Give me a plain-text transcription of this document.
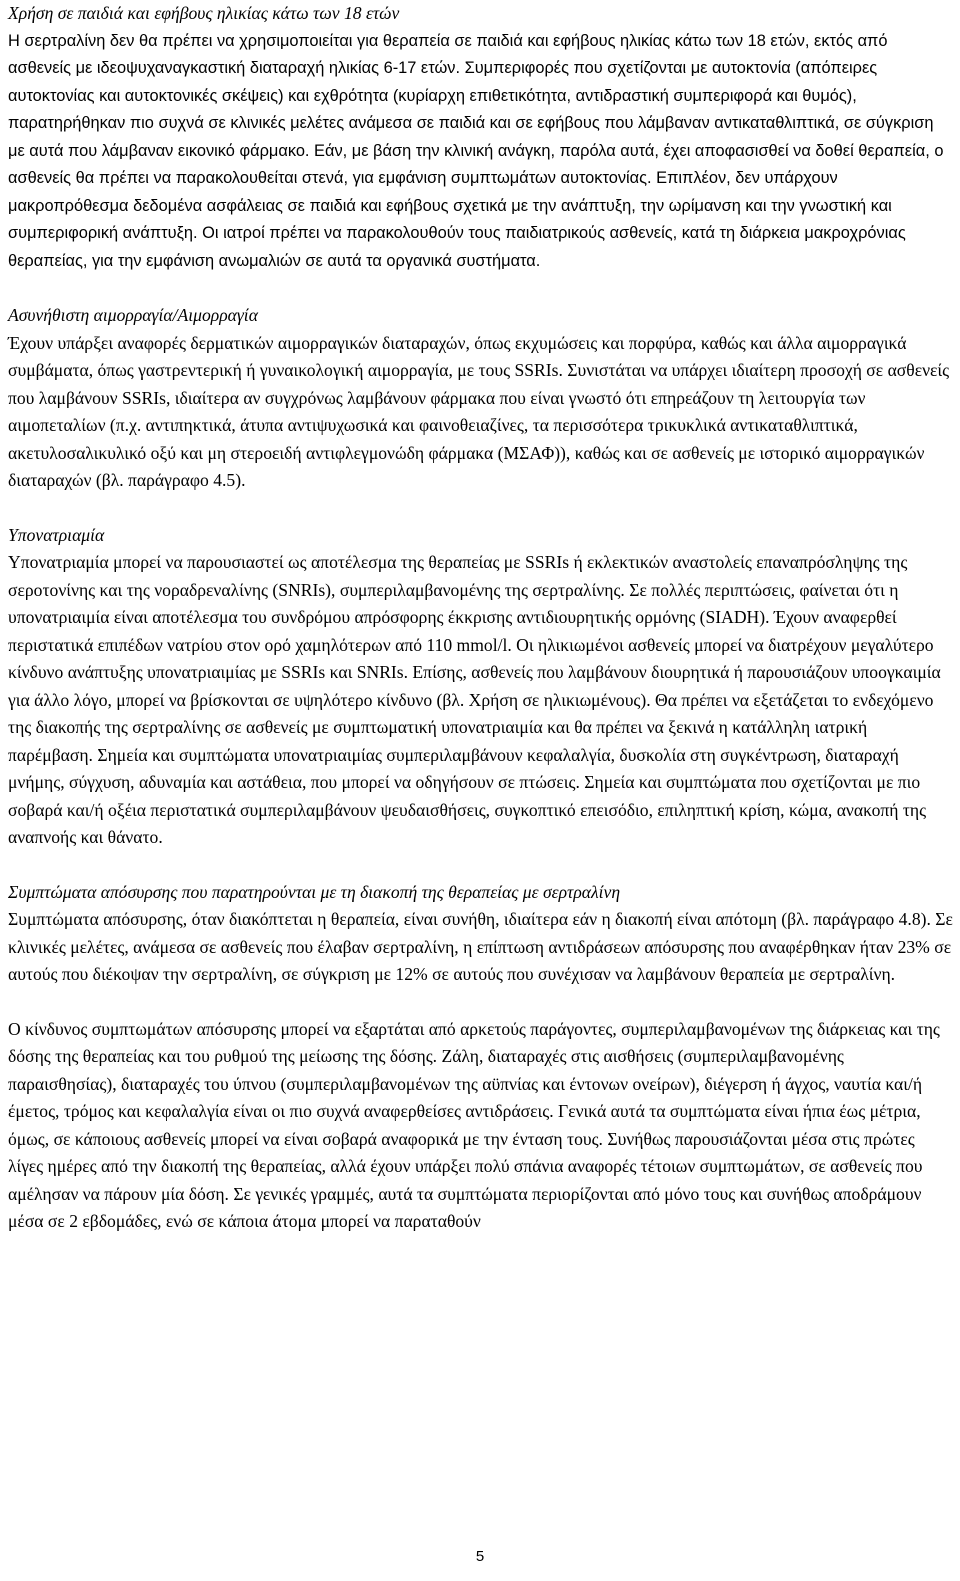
Χρήση σε παιδιά και εφήβους ηλικίας κάτω των 18 ετών

Η σερτραλίνη δεν θα πρέπει να χρησιμοποιείται για θεραπεία σε παιδιά και εφήβους ηλικίας κάτω των 18 ετών, εκτός από ασθενείς με ιδεοψυχαναγκαστική διαταραχή ηλικίας 6-17 ετών. Συμπεριφορές που σχετίζονται με αυτοκτονία (απόπειρες αυτοκτονίας και αυτοκτονικές σκέψεις) και εχθρότητα (κυρίαρχη επιθετικότητα, αντιδραστική συμπεριφορά και θυμός), παρατηρήθηκαν πιο συχνά σε κλινικές μελέτες ανάμεσα σε παιδιά και σε εφήβους που λάμβαναν αντικαταθλιπτικά, σε σύγκριση με αυτά που λάμβαναν εικονικό φάρμακο. Εάν, με βάση την κλινική ανάγκη, παρόλα αυτά, έχει αποφασισθεί να δοθεί θεραπεία, ο ασθενείς θα πρέπει να παρακολουθείται στενά, για εμφάνιση συμπτωμάτων αυτοκτονίας. Επιπλέον, δεν υπάρχουν μακροπρόθεσμα δεδομένα ασφάλειας σε παιδιά και εφήβους σχετικά με την ανάπτυξη, την ωρίμανση και την γνωστική και συμπεριφορική ανάπτυξη. Οι ιατροί πρέπει να παρακολουθούν τους παιδιατρικούς ασθενείς, κατά τη διάρκεια μακροχρόνιας θεραπείας, για την εμφάνιση ανωμαλιών σε αυτά τα οργανικά συστήματα.

Ασυνήθιστη αιμορραγία/Αιμορραγία

Έχουν υπάρξει αναφορές δερματικών αιμορραγικών διαταραχών, όπως εκχυμώσεις και πορφύρα, καθώς και άλλα αιμορραγικά συμβάματα, όπως γαστρεντερική ή γυναικολογική αιμορραγία, με τους SSRIs. Συνιστάται να υπάρχει ιδιαίτερη προσοχή σε ασθενείς που λαμβάνουν SSRIs, ιδιαίτερα αν συγχρόνως λαμβάνουν φάρμακα που είναι γνωστό ότι επηρεάζουν τη λειτουργία των αιμοπεταλίων (π.χ. αντιπηκτικά, άτυπα αντιψυχωσικά και φαινοθειαζίνες, τα περισσότερα τρικυκλικά αντικαταθλιπτικά, ακετυλοσαλικυλικό οξύ και μη στεροειδή αντιφλεγμονώδη φάρμακα (ΜΣΑΦ)), καθώς και σε ασθενείς με ιστορικό αιμορραγικών διαταραχών (βλ. παράγραφο 4.5).

Υπονατριαμία

Υπονατριαμία μπορεί να παρουσιαστεί ως αποτέλεσμα της θεραπείας με SSRIs ή εκλεκτικών αναστολείς επαναπρόσληψης της σεροτονίνης και της νοραδρεναλίνης (SNRIs), συμπεριλαμβανομένης της σερτραλίνης. Σε πολλές περιπτώσεις, φαίνεται ότι η υπονατριαιμία είναι αποτέλεσμα του συνδρόμου απρόσφορης έκκρισης αντιδιουρητικής ορμόνης (SIADH). Έχουν αναφερθεί περιστατικά επιπέδων νατρίου στον ορό χαμηλότερων από 110 mmol/l. Οι ηλικιωμένοι ασθενείς μπορεί να διατρέχουν μεγαλύτερο κίνδυνο ανάπτυξης υπονατριαιμίας με SSRIs και SNRIs. Επίσης, ασθενείς που λαμβάνουν διουρητικά ή παρουσιάζουν υποογκαιμία για άλλο λόγο, μπορεί να βρίσκονται σε υψηλότερο κίνδυνο (βλ. Χρήση σε ηλικιωμένους). Θα πρέπει να εξετάζεται το ενδεχόμενο της διακοπής της σερτραλίνης σε ασθενείς με συμπτωματική υπονατριαιμία και θα πρέπει να ξεκινά η κατάλληλη ιατρική παρέμβαση. Σημεία και συμπτώματα υπονατριαιμίας συμπεριλαμβάνουν κεφαλαλγία, δυσκολία στη συγκέντρωση, διαταραχή μνήμης, σύγχυση, αδυναμία και αστάθεια, που μπορεί να οδηγήσουν σε πτώσεις. Σημεία και συμπτώματα που σχετίζονται με πιο σοβαρά και/ή οξέια περιστατικά συμπεριλαμβάνουν ψευδαισθήσεις, συγκοπτικό επεισόδιο, επιληπτική κρίση, κώμα, ανακοπή της αναπνοής και θάνατο.

Συμπτώματα απόσυρσης που παρατηρούνται με τη διακοπή της θεραπείας με σερτραλίνη

Συμπτώματα απόσυρσης, όταν διακόπτεται η θεραπεία, είναι συνήθη, ιδιαίτερα εάν η διακοπή είναι απότομη (βλ. παράγραφο 4.8). Σε κλινικές μελέτες, ανάμεσα σε ασθενείς που έλαβαν σερτραλίνη, η επίπτωση αντιδράσεων απόσυρσης που αναφέρθηκαν ήταν 23% σε αυτούς που διέκοψαν την σερτραλίνη, σε σύγκριση με 12% σε αυτούς που συνέχισαν να λαμβάνουν θεραπεία με σερτραλίνη.

Ο κίνδυνος συμπτωμάτων απόσυρσης μπορεί να εξαρτάται από αρκετούς παράγοντες, συμπεριλαμβανομένων της διάρκειας και της δόσης της θεραπείας και του ρυθμού της μείωσης της δόσης. Ζάλη, διαταραχές στις αισθήσεις (συμπεριλαμβανομένης παραισθησίας), διαταραχές του ύπνου (συμπεριλαμβανομένων της αϋπνίας και έντονων ονείρων), διέγερση ή άγχος, ναυτία και/ή έμετος, τρόμος και κεφαλαλγία είναι οι πιο συχνά αναφερθείσες αντιδράσεις. Γενικά αυτά τα συμπτώματα είναι ήπια έως μέτρια, όμως, σε κάποιους ασθενείς μπορεί να είναι σοβαρά αναφορικά με την ένταση τους. Συνήθως παρουσιάζονται μέσα στις πρώτες λίγες ημέρες από την διακοπή της θεραπείας, αλλά έχουν υπάρξει πολύ σπάνια αναφορές τέτοιων συμπτωμάτων, σε ασθενείς που αμέλησαν να πάρουν μία δόση. Σε γενικές γραμμές, αυτά τα συμπτώματα περιορίζονται από μόνο τους και συνήθως αποδράμουν μέσα σε 2 εβδομάδες, ενώ σε κάποια άτομα μπορεί να παραταθούν

5
